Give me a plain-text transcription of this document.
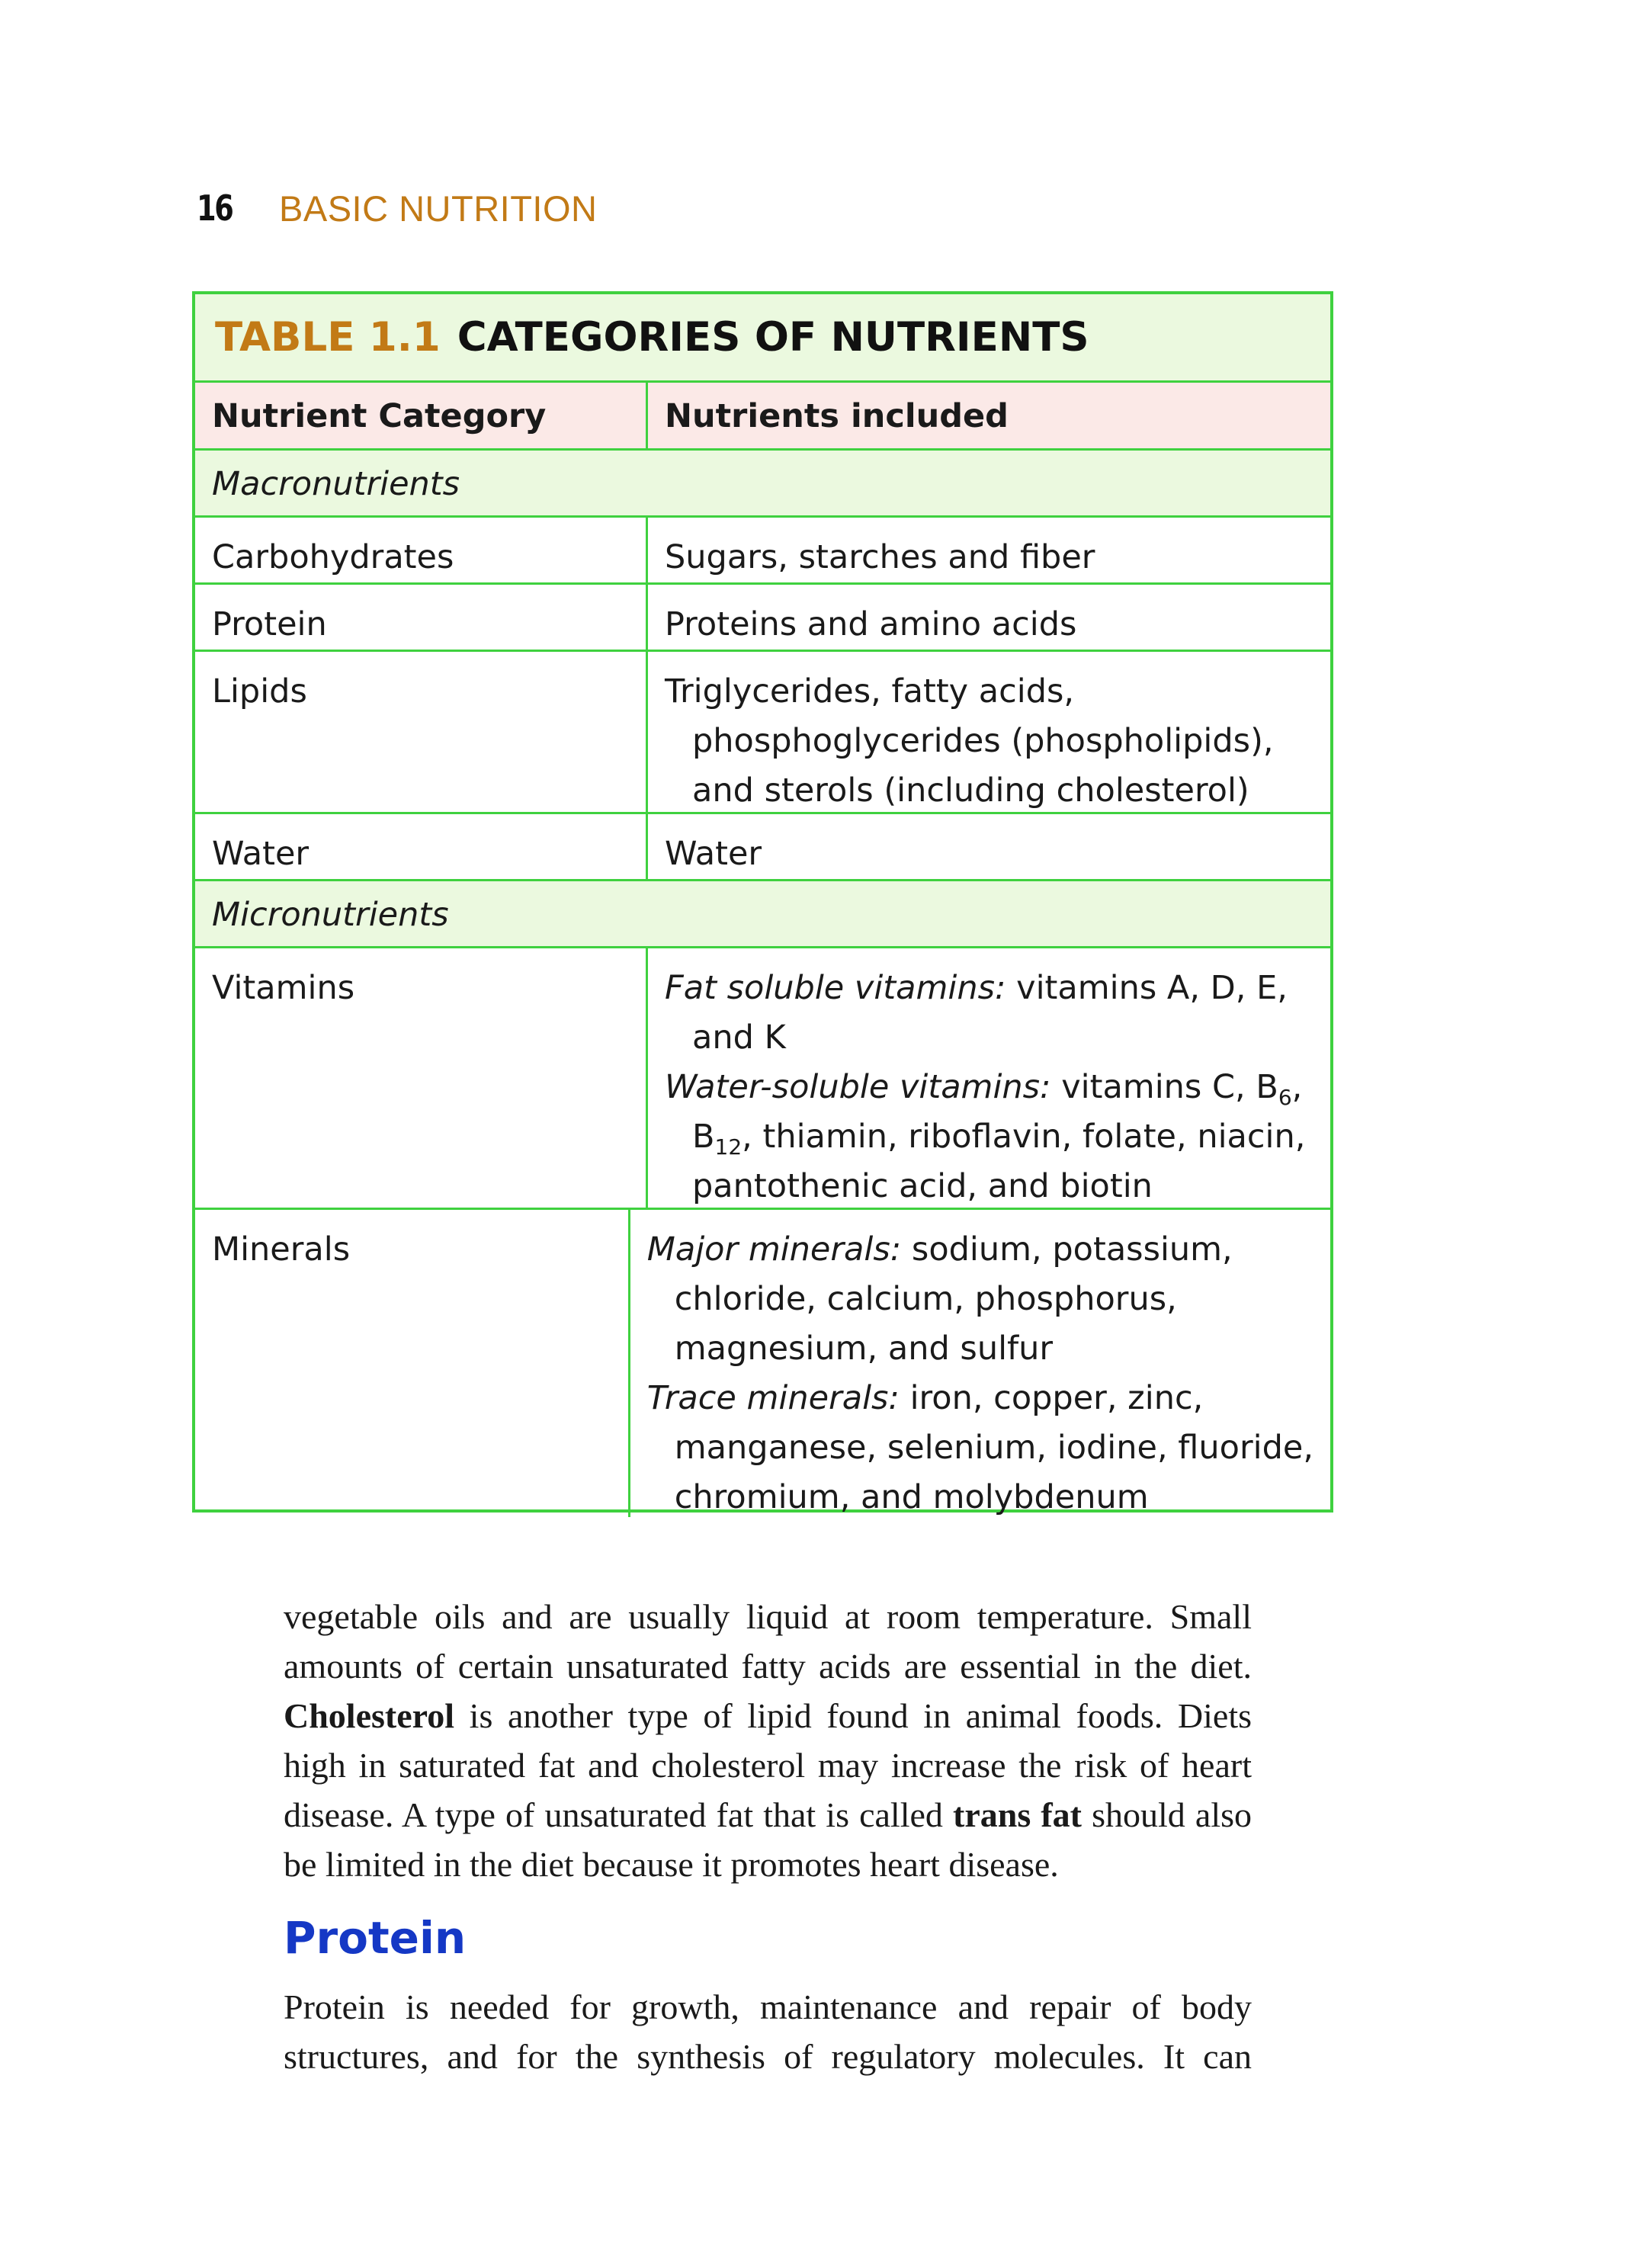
16 BASIC NUTRITION
TABLE 1.1 CATEGORIES OF NUTRIENTS
Nutrient Category	Nutrients included
Macronutrients
Carbohydrates	Sugars, starches and fiber
Protein	Proteins and amino acids
Lipids	Triglycerides, fatty acids,
phosphoglycerides (phospholipids),
and sterols (including cholesterol)
Water	Water
Micronutrients
Vitamins	Fat soluble vitamins: vitamins A, D, E,
and K
Water-soluble vitamins: vitamins C, $B_6$,
$B_{12}$, thiamin, riboflavin, folate, niacin,
pantothenic acid, and biotin
Minerals	Major minerals: sodium, potassium,
chloride, calcium, phosphorus,
magnesium, and sulfur
Trace minerals: iron, copper, zinc,
manganese, selenium, iodine, fluoride,
chromium, and molybdenum
vegetable oils and are usually liquid at room temperature. Small
amounts of certain unsaturated fatty acids are essential in the diet.
Cholesterol is another type of lipid found in animal foods. Diets
high in saturated fat and cholesterol may increase the risk of heart
disease. A type of unsaturated fat that is called trans fat should also
be limited in the diet because it promotes heart disease.
Protein
Protein is needed for growth, maintenance and repair of body
structures, and for the synthesis of regulatory molecules. It can
